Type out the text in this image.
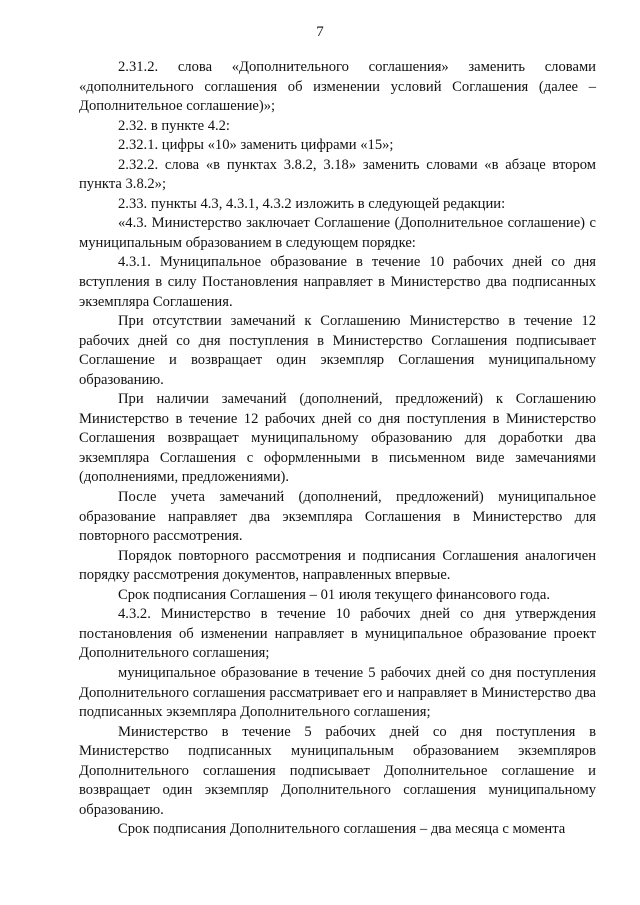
7

2.31.2. слова «Дополнительного соглашения» заменить словами «дополнительного соглашения об изменении условий Соглашения (далее – Дополнительное соглашение)»;

2.32. в пункте 4.2:

2.32.1. цифры «10» заменить цифрами «15»;

2.32.2. слова «в пунктах 3.8.2, 3.18» заменить словами «в абзаце втором пункта 3.8.2»;

2.33. пункты 4.3, 4.3.1, 4.3.2 изложить в следующей редакции:

«4.3. Министерство заключает Соглашение (Дополнительное соглашение) с муниципальным образованием в следующем порядке:

4.3.1. Муниципальное образование в течение 10 рабочих дней со дня вступления в силу Постановления направляет в Министерство два подписанных экземпляра Соглашения.

При отсутствии замечаний к Соглашению Министерство в течение 12 рабочих дней со дня поступления в Министерство Соглашения подписывает Соглашение и возвращает один экземпляр Соглашения муниципальному образованию.

При наличии замечаний (дополнений, предложений) к Соглашению Министерство в течение 12 рабочих дней со дня поступления в Министерство Соглашения возвращает муниципальному образованию для доработки два экземпляра Соглашения с оформленными в письменном виде замечаниями (дополнениями, предложениями).

После учета замечаний (дополнений, предложений) муниципальное образование направляет два экземпляра Соглашения в Министерство для повторного рассмотрения.

Порядок повторного рассмотрения и подписания Соглашения аналогичен порядку рассмотрения документов, направленных впервые.

Срок подписания Соглашения – 01 июля текущего финансового года.

4.3.2. Министерство в течение 10 рабочих дней со дня утверждения постановления об изменении направляет в муниципальное образование проект Дополнительного соглашения;

муниципальное образование в течение 5 рабочих дней со дня поступления Дополнительного соглашения рассматривает его и направляет в Министерство два подписанных экземпляра Дополнительного соглашения;

Министерство в течение 5 рабочих дней со дня поступления в Министерство подписанных муниципальным образованием экземпляров Дополнительного соглашения подписывает Дополнительное соглашение и возвращает один экземпляр Дополнительного соглашения муниципальному образованию.

Срок подписания Дополнительного соглашения – два месяца с момента
